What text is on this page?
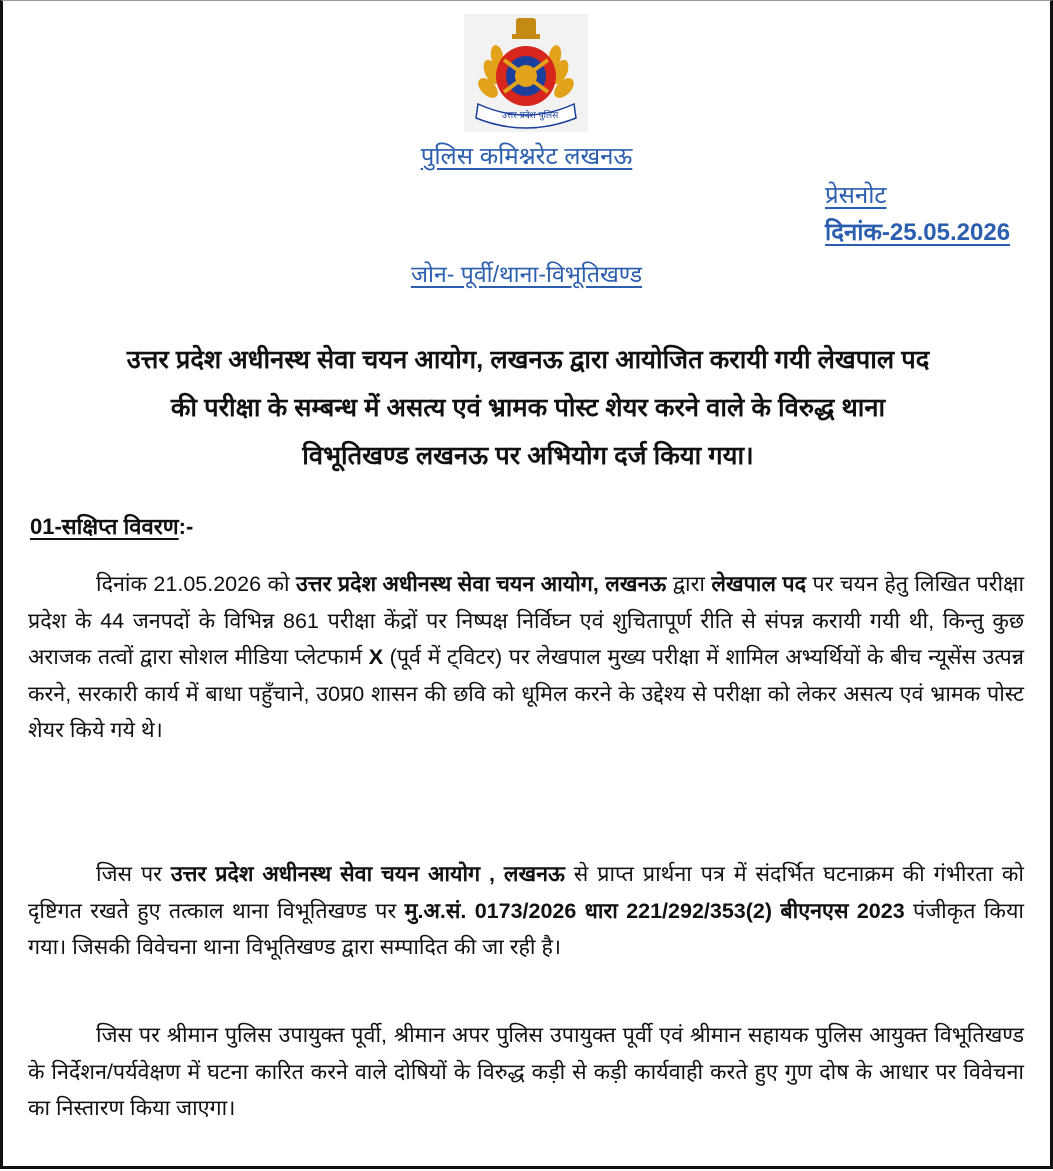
उत्तर प्रदेश पुलिस
पुलिस कमिश्नरेट लखनऊ
प्रेसनोट
दिनांक-25.05.2026
जोन- पूर्वी/थाना-विभूतिखण्ड
उत्तर प्रदेश अधीनस्थ सेवा चयन आयोग, लखनऊ द्वारा आयोजित करायी गयी लेखपाल पद
की परीक्षा के सम्बन्ध में असत्य एवं भ्रामक पोस्ट शेयर करने वाले के विरुद्ध थाना
विभूतिखण्ड लखनऊ पर अभियोग दर्ज किया गया।
01-सक्षिप्त विवरण:-

दिनांक 21.05.2026 को उत्तर प्रदेश अधीनस्थ सेवा चयन आयोग, लखनऊ द्वारा लेखपाल पद पर चयन हेतु लिखित परीक्षा प्रदेश के 44 जनपदों के विभिन्न 861 परीक्षा केंद्रों पर निष्पक्ष निर्विघ्न एवं शुचितापूर्ण रीति से संपन्न करायी गयी थी, किन्तु कुछ अराजक तत्वों द्वारा सोशल मीडिया प्लेटफार्म X (पूर्व में ट्विटर) पर लेखपाल मुख्य परीक्षा में शामिल अभ्यर्थियों के बीच न्यूसेंस उत्पन्न करने, सरकारी कार्य में बाधा पहुँचाने, उ0प्र0 शासन की छवि को धूमिल करने के उद्देश्य से परीक्षा को लेकर असत्य एवं भ्रामक पोस्ट शेयर किये गये थे।

जिस पर उत्तर प्रदेश अधीनस्थ सेवा चयन आयोग , लखनऊ से प्राप्त प्रार्थना पत्र में संदर्भित घटनाक्रम की गंभीरता को दृष्टिगत रखते हुए तत्काल थाना विभूतिखण्ड पर मु.अ.सं. 0173/2026 धारा 221/292/353(2) बीएनएस 2023 पंजीकृत किया गया। जिसकी विवेचना थाना विभूतिखण्ड द्वारा सम्पादित की जा रही है।

जिस पर श्रीमान पुलिस उपायुक्त पूर्वी, श्रीमान अपर पुलिस उपायुक्त पूर्वी एवं श्रीमान सहायक पुलिस आयुक्त विभूतिखण्ड के निर्देशन/पर्यवेक्षण में घटना कारित करने वाले दोषियों के विरुद्ध कड़ी से कड़ी कार्यवाही करते हुए गुण दोष के आधार पर विवेचना का निस्तारण किया जाएगा।
